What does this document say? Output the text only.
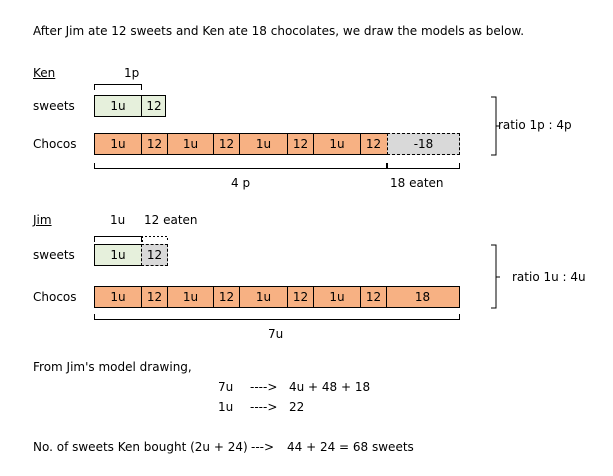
After Jim ate 12 sweets and Ken ate 18 chocolates, we draw the models as below.
Ken	1p
sweets	1u	12
Chocos	1u	12	1u	12	1u	12	1u	12	-18
4 p	18 eaten
ratio 1p : 4p
Jim	1u 12 eaten
sweets	1u	12
Chocos	1u	12	1u	12	1u	12	1u	12	18
7u
ratio 1u : 4u
From Jim's model drawing,
7u ----> 4u + 48 + 18
1u ----> 22
No. of sweets Ken bought (2u + 24) ---> 44 + 24 = 68 sweets
